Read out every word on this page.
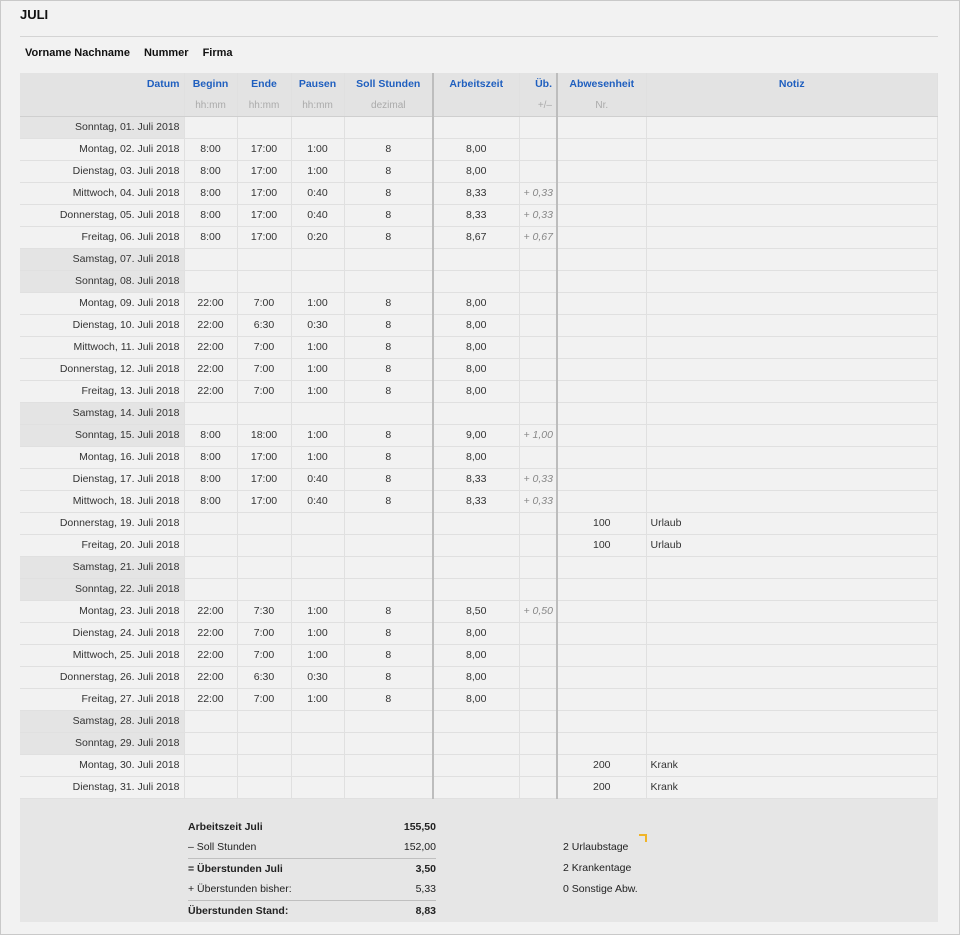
JULI
Vorname Nachname Nummer Firma
Datum	Beginn	Ende	Pausen	Soll Stunden	Arbeitszeit	Üb.	Abwesenheit	Notiz
	hh:mm	hh:mm	hh:mm	dezimal		+/–	Nr.	
Sonntag, 01. Juli 2018								
Montag, 02. Juli 2018	8:00	17:00	1:00	8	8,00			
Dienstag, 03. Juli 2018	8:00	17:00	1:00	8	8,00			
Mittwoch, 04. Juli 2018	8:00	17:00	0:40	8	8,33	+ 0,33		
Donnerstag, 05. Juli 2018	8:00	17:00	0:40	8	8,33	+ 0,33		
Freitag, 06. Juli 2018	8:00	17:00	0:20	8	8,67	+ 0,67		
Samstag, 07. Juli 2018								
Sonntag, 08. Juli 2018								
Montag, 09. Juli 2018	22:00	7:00	1:00	8	8,00			
Dienstag, 10. Juli 2018	22:00	6:30	0:30	8	8,00			
Mittwoch, 11. Juli 2018	22:00	7:00	1:00	8	8,00			
Donnerstag, 12. Juli 2018	22:00	7:00	1:00	8	8,00			
Freitag, 13. Juli 2018	22:00	7:00	1:00	8	8,00			
Samstag, 14. Juli 2018								
Sonntag, 15. Juli 2018	8:00	18:00	1:00	8	9,00	+ 1,00		
Montag, 16. Juli 2018	8:00	17:00	1:00	8	8,00			
Dienstag, 17. Juli 2018	8:00	17:00	0:40	8	8,33	+ 0,33		
Mittwoch, 18. Juli 2018	8:00	17:00	0:40	8	8,33	+ 0,33		
Donnerstag, 19. Juli 2018							100	Urlaub
Freitag, 20. Juli 2018							100	Urlaub
Samstag, 21. Juli 2018								
Sonntag, 22. Juli 2018								
Montag, 23. Juli 2018	22:00	7:30	1:00	8	8,50	+ 0,50		
Dienstag, 24. Juli 2018	22:00	7:00	1:00	8	8,00			
Mittwoch, 25. Juli 2018	22:00	7:00	1:00	8	8,00			
Donnerstag, 26. Juli 2018	22:00	6:30	0:30	8	8,00			
Freitag, 27. Juli 2018	22:00	7:00	1:00	8	8,00			
Samstag, 28. Juli 2018								
Sonntag, 29. Juli 2018								
Montag, 30. Juli 2018							200	Krank
Dienstag, 31. Juli 2018							200	Krank
Arbeitszeit Juli	155,50
– Soll Stunden	152,00
= Überstunden Juli	3,50
+ Überstunden bisher:	5,33
Überstunden Stand:	8,83
2 Urlaubstage
2 Krankentage
0 Sonstige Abw.
